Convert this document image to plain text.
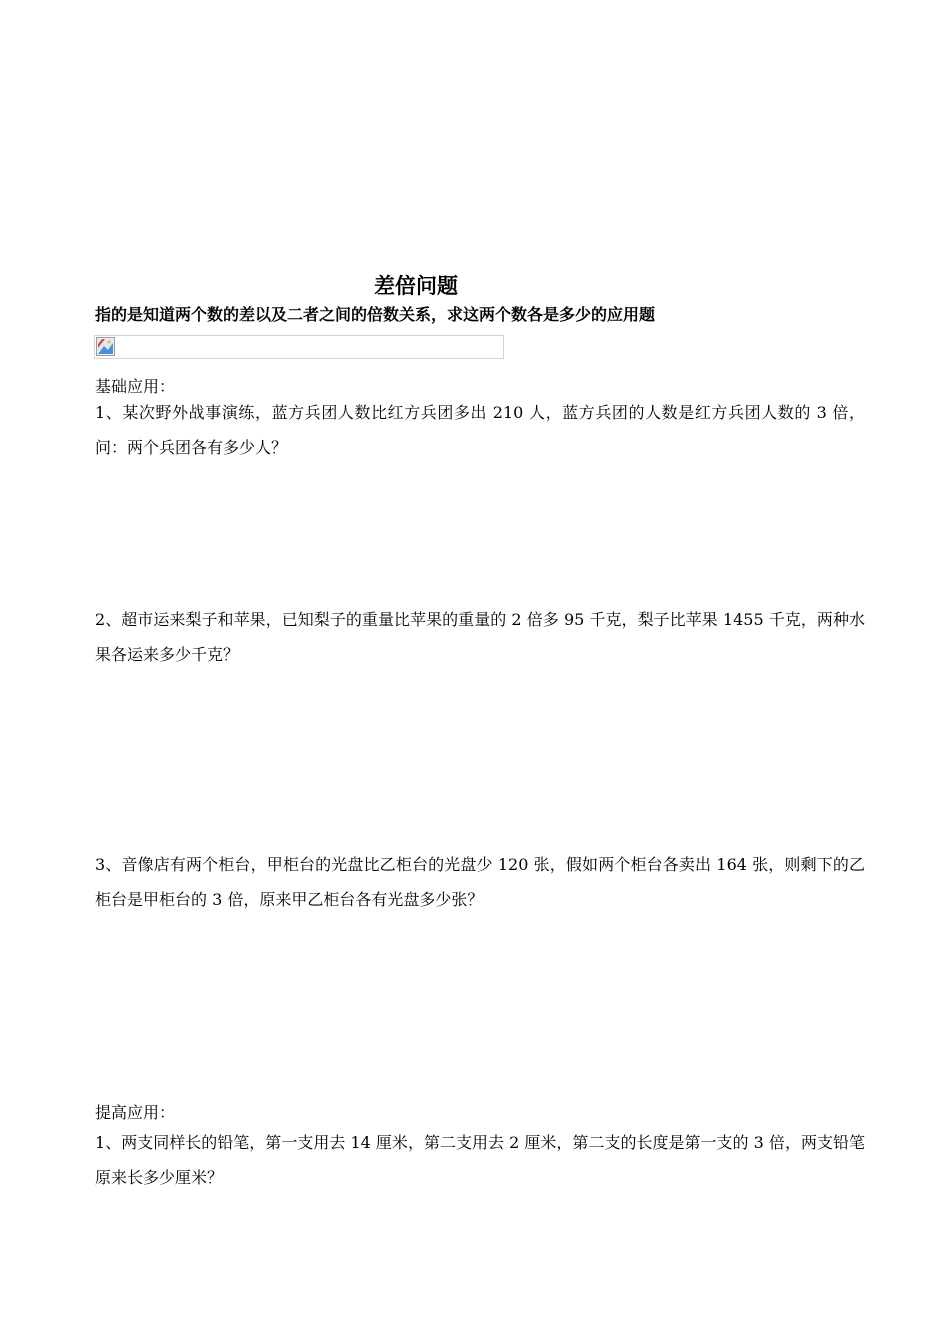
差倍问题
指的是知道两个数的差以及二者之间的倍数关系，求这两个数各是多少的应用题
基础应用：
1、某次野外战事演练，蓝方兵团人数比红方兵团多出 210 人，蓝方兵团的人数是红方兵团人数的 3 倍，问：两个兵团各有多少人？
2、超市运来梨子和苹果，已知梨子的重量比苹果的重量的 2 倍多 95 千克，梨子比苹果 1455 千克，两种水果各运来多少千克？
3、音像店有两个柜台，甲柜台的光盘比乙柜台的光盘少 120 张，假如两个柜台各卖出 164 张，则剩下的乙柜台是甲柜台的 3 倍，原来甲乙柜台各有光盘多少张？
提高应用：
1、两支同样长的铅笔，第一支用去 14 厘米，第二支用去 2 厘米，第二支的长度是第一支的 3 倍，两支铅笔原来长多少厘米？
